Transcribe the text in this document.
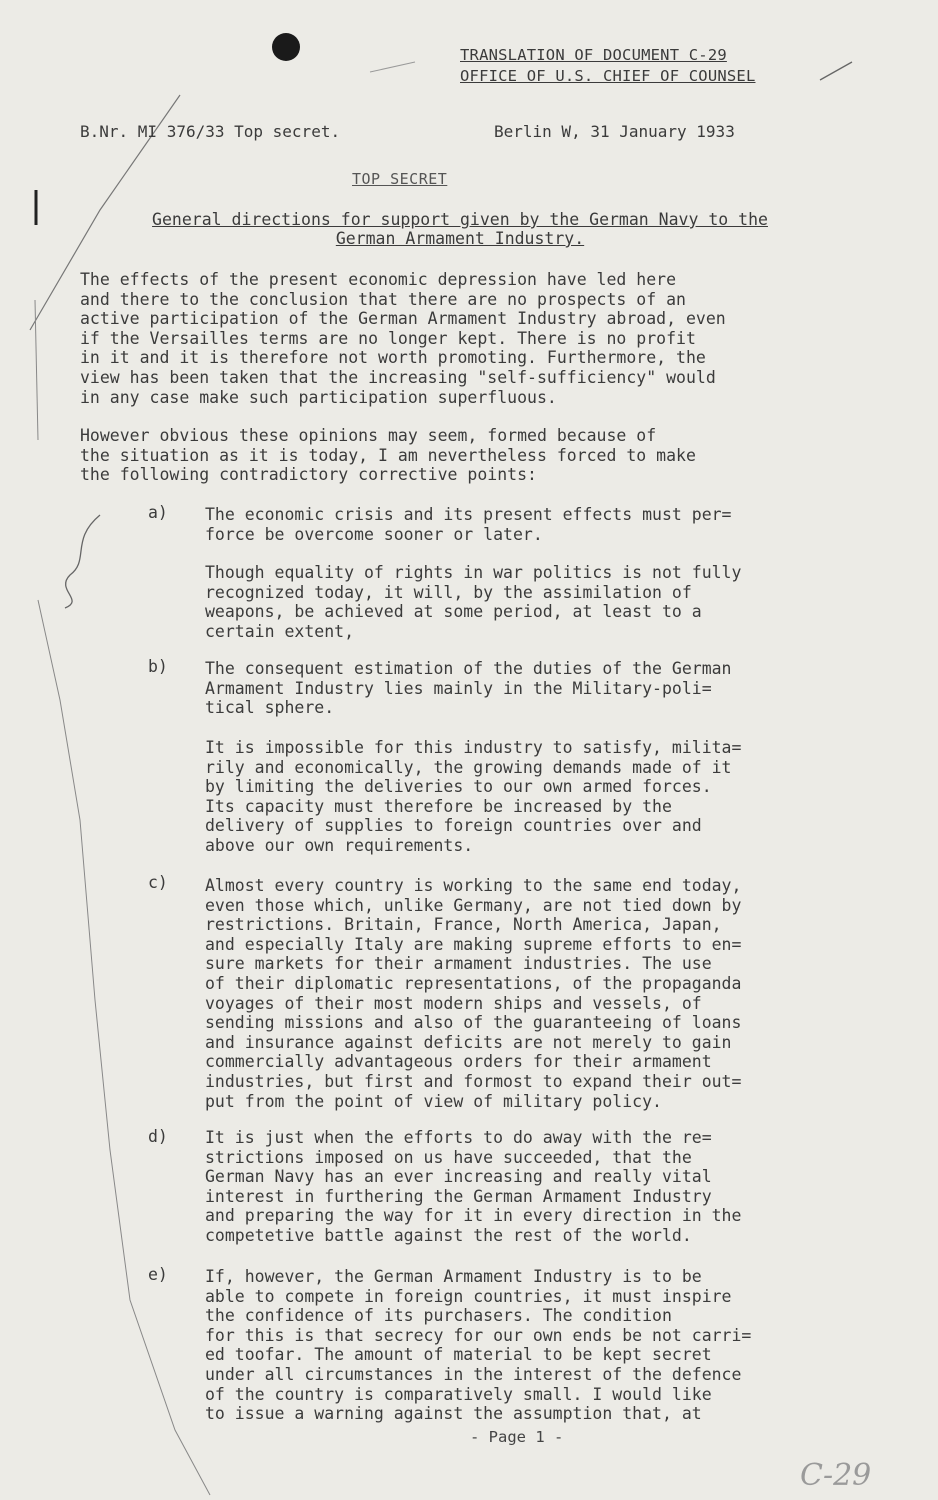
TRANSLATION OF DOCUMENT C-29
OFFICE OF U.S. CHIEF OF COUNSEL
B.Nr. MI 376/33 Top secret.	Berlin W, 31 January 1933
TOP SECRET
General directions for support given by the German Navy to the
German Armament Industry.
The effects of the present economic depression have led here
and there to the conclusion that there are no prospects of an
active participation of the German Armament Industry abroad, even
if the Versailles terms are no longer kept. There is no profit
in it and it is therefore not worth promoting. Furthermore, the
view has been taken that the increasing "self-sufficiency" would
in any case make such participation superfluous.
However obvious these opinions may seem, formed because of
the situation as it is today, I am nevertheless forced to make
the following contradictory corrective points:
a) The economic crisis and its present effects must per=
force be overcome sooner or later.
Though equality of rights in war politics is not fully
recognized today, it will, by the assimilation of
weapons, be achieved at some period, at least to a
certain extent,
b) The consequent estimation of the duties of the German
Armament Industry lies mainly in the Military-poli=
tical sphere.
It is impossible for this industry to satisfy, milita=
rily and economically, the growing demands made of it
by limiting the deliveries to our own armed forces.
Its capacity must therefore be increased by the
delivery of supplies to foreign countries over and
above our own requirements.
c) Almost every country is working to the same end today,
even those which, unlike Germany, are not tied down by
restrictions. Britain, France, North America, Japan,
and especially Italy are making supreme efforts to en=
sure markets for their armament industries. The use
of their diplomatic representations, of the propaganda
voyages of their most modern ships and vessels, of
sending missions and also of the guaranteeing of loans
and insurance against deficits are not merely to gain
commercially advantageous orders for their armament
industries, but first and formost to expand their out=
put from the point of view of military policy.
d) It is just when the efforts to do away with the re=
strictions imposed on us have succeeded, that the
German Navy has an ever increasing and really vital
interest in furthering the German Armament Industry
and preparing the way for it in every direction in the
competetive battle against the rest of the world.
e) If, however, the German Armament Industry is to be
able to compete in foreign countries, it must inspire
the confidence of its purchasers. The condition
for this is that secrecy for our own ends be not carri=
ed toofar. The amount of material to be kept secret
under all circumstances in the interest of the defence
of the country is comparatively small. I would like
to issue a warning against the assumption that, at
- Page 1 -
C-29
